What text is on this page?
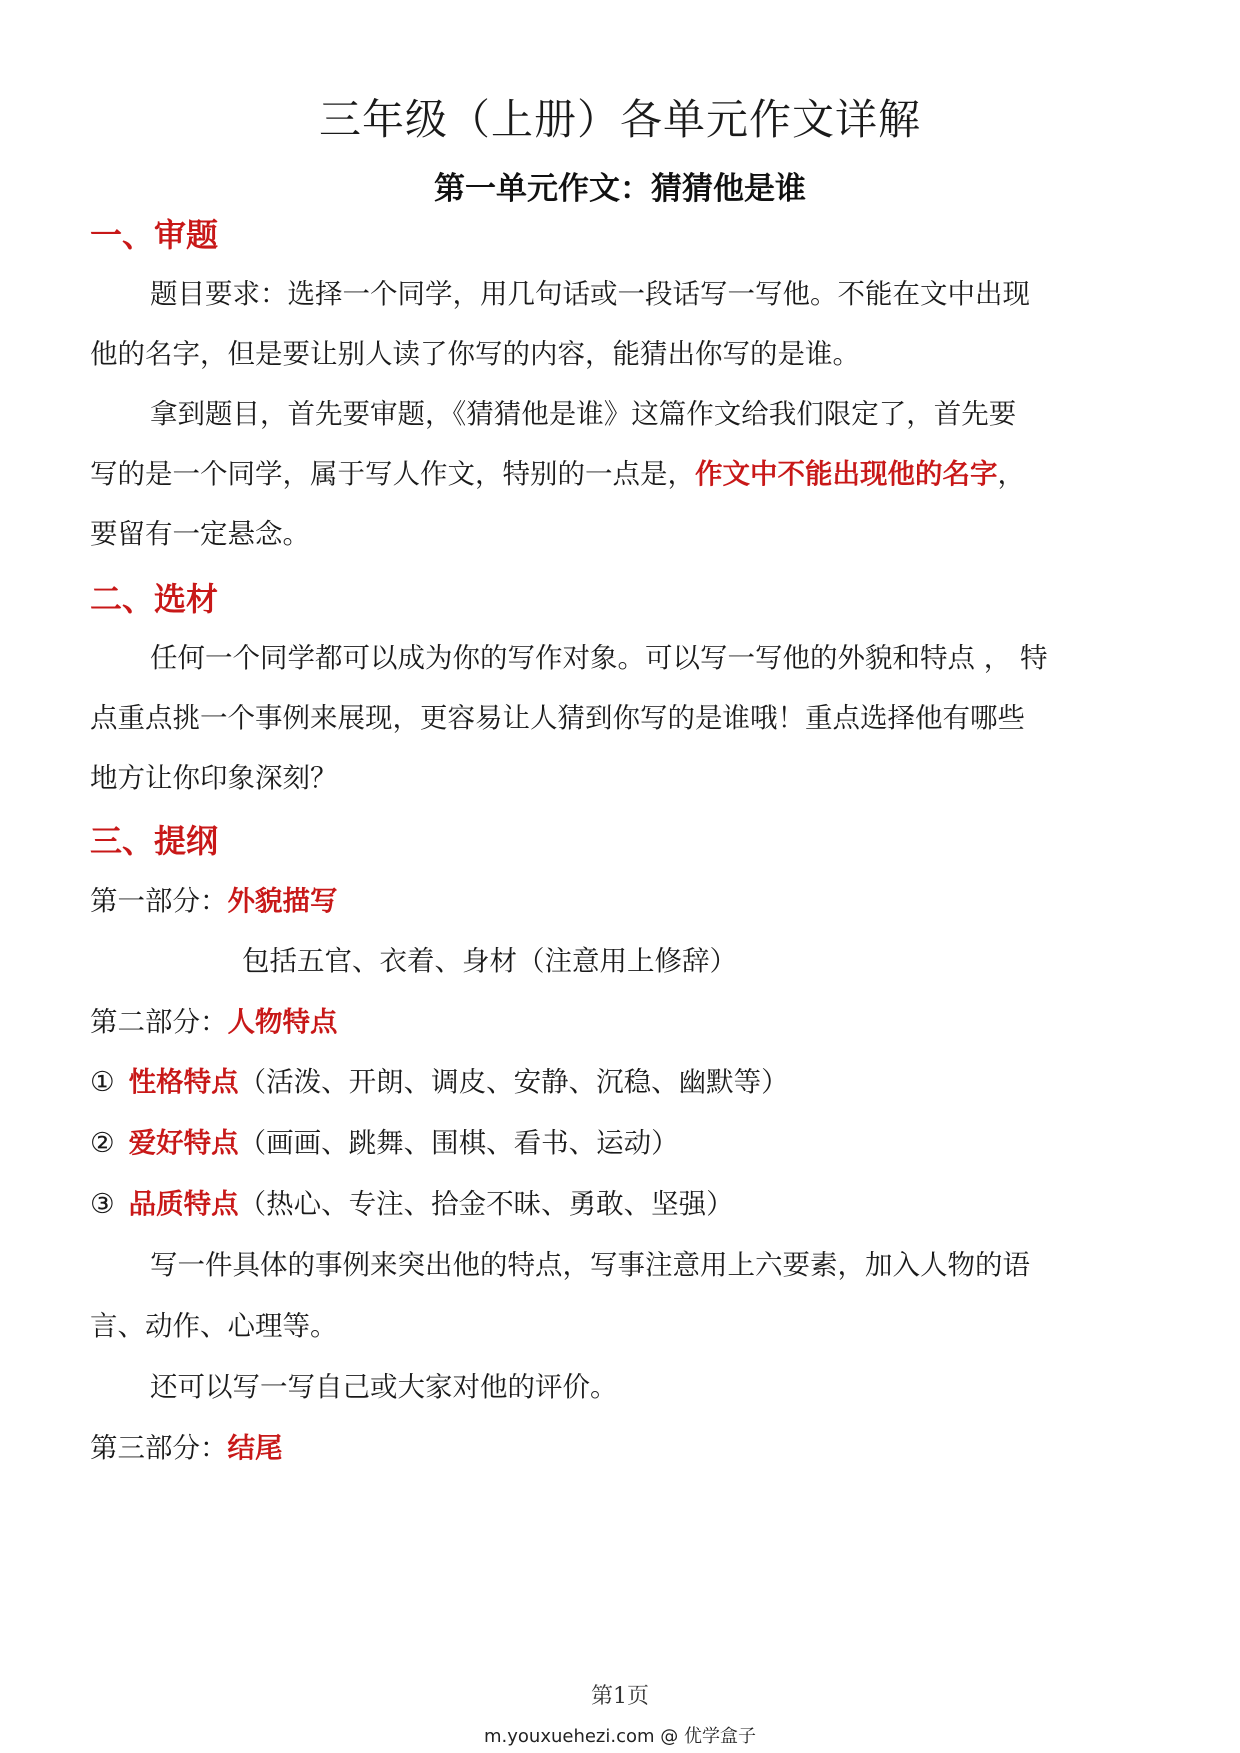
三年级（上册）各单元作文详解
第一单元作文：猜猜他是谁
一、审题
题目要求：选择一个同学，用几句话或一段话写一写他。不能在文中出现
他的名字，但是要让别人读了你写的内容，能猜出你写的是谁。
拿到题目，首先要审题，《猜猜他是谁》这篇作文给我们限定了，首先要
写的是一个同学，属于写人作文，特别的一点是，作文中不能出现他的名字，
要留有一定悬念。
二、选材
任何一个同学都可以成为你的写作对象。可以写一写他的外貌和特点 ， 特
点重点挑一个事例来展现，更容易让人猜到你写的是谁哦！重点选择他有哪些
地方让你印象深刻？
三、提纲
第一部分：外貌描写
包括五官、衣着、身材（注意用上修辞）
第二部分：人物特点
① 性格特点（活泼、开朗、调皮、安静、沉稳、幽默等）
② 爱好特点（画画、跳舞、围棋、看书、运动）
③ 品质特点（热心、专注、拾金不昧、勇敢、坚强）
写一件具体的事例来突出他的特点，写事注意用上六要素，加入人物的语
言、动作、心理等。
还可以写一写自己或大家对他的评价。
第三部分：结尾
第1页
m.youxuehezi.com @ 优学盒子
